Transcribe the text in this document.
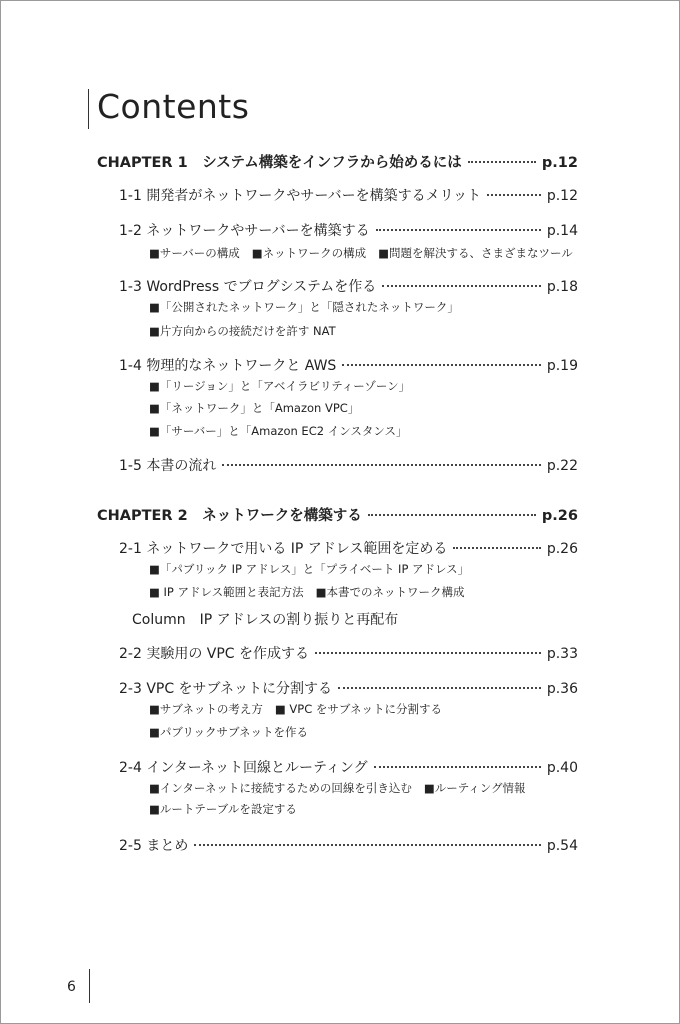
Contents
CHAPTER 1　システム構築をインフラから始めるには	p.12
1-1 開発者がネットワークやサーバーを構築するメリット	p.12
1-2 ネットワークやサーバーを構築する	p.14
■サーバーの構成 ■ネットワークの構成 ■問題を解決する、さまざまなツール
1-3 WordPress でブログシステムを作る	p.18
■「公開されたネットワーク」と「隠されたネットワーク」
■片方向からの接続だけを許す NAT
1-4 物理的なネットワークと AWS	p.19
■「リージョン」と「アベイラビリティーゾーン」
■「ネットワーク」と「Amazon VPC」
■「サーバー」と「Amazon EC2 インスタンス」
1-5 本書の流れ	p.22
CHAPTER 2　ネットワークを構築する	p.26
2-1 ネットワークで用いる IP アドレス範囲を定める	p.26
■「パブリック IP アドレス」と「プライベート IP アドレス」
■ IP アドレス範囲と表記方法 ■本書でのネットワーク構成
Column IP アドレスの割り振りと再配布
2-2 実験用の VPC を作成する	p.33
2-3 VPC をサブネットに分割する	p.36
■サブネットの考え方 ■ VPC をサブネットに分割する
■パブリックサブネットを作る
2-4 インターネット回線とルーティング	p.40
■インターネットに接続するための回線を引き込む ■ルーティング情報
■ルートテーブルを設定する
2-5 まとめ	p.54
6
